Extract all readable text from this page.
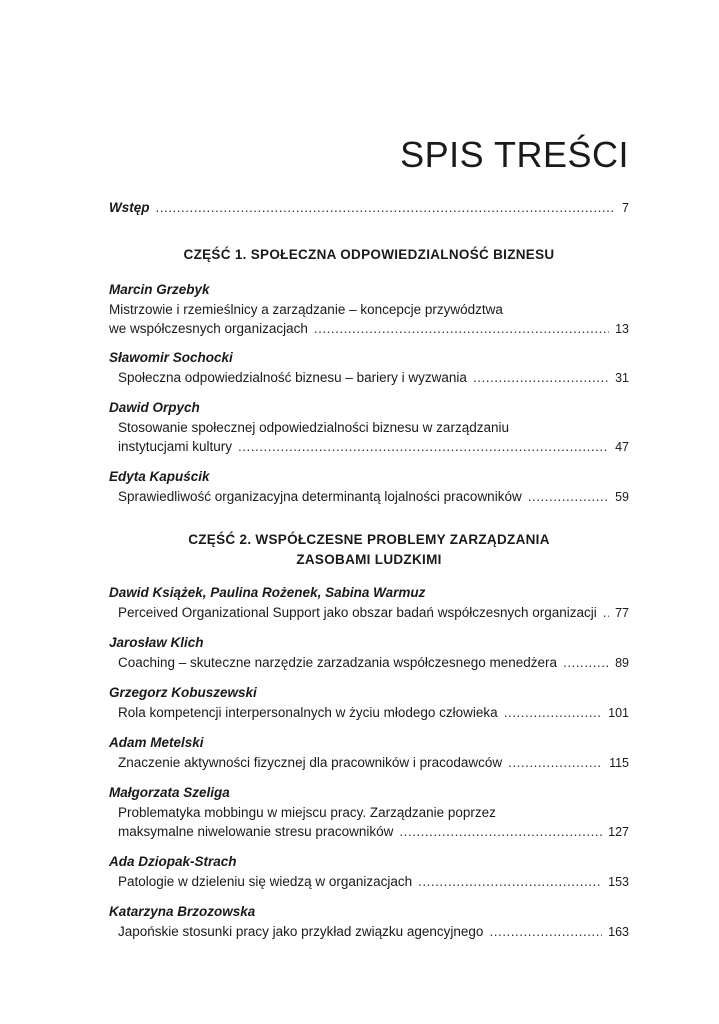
SPIS TREŚCI
Wstęp .....	7
CZĘŚĆ 1. SPOŁECZNA ODPOWIEDZIALNOŚĆ BIZNESU
CZĘŚĆ 2. WSPÓŁCZESNE PROBLEMY ZARZĄDZANIA
ZASOBAMI LUDZKIMI
Marcin Grzebyk
Mistrzowie i rzemieślnicy a zarządzanie – koncepcje przywództwa
we współczesnych organizacjach .....	13
Sławomir Sochocki
Społeczna odpowiedzialność biznesu – bariery i wyzwania .....	31
Dawid Orpych
Stosowanie społecznej odpowiedzialności biznesu w zarządzaniu
instytucjami kultury .....	47
Edyta Kapuścik
Sprawiedliwość organizacyjna determinantą lojalności pracowników .....	59
Dawid Książek, Paulina Rożenek, Sabina Warmuz
Perceived Organizational Support jako obszar badań współczesnych organizacji ..... 77
Jarosław Klich
Coaching – skuteczne narzędzie zarzadzania współczesnego menedżera .....	89
Grzegorz Kobuszewski
Rola kompetencji interpersonalnych w życiu młodego człowieka .....	101
Adam Metelski
Znaczenie aktywności fizycznej dla pracowników i pracodawców .....	115
Małgorzata Szeliga
Problematyka mobbingu w miejscu pracy. Zarządzanie poprzez
maksymalne niwelowanie stresu pracowników .....	127
Ada Dziopak-Strach
Patologie w dzieleniu się wiedzą w organizacjach .....	153
Katarzyna Brzozowska
Japońskie stosunki pracy jako przykład związku agencyjnego .....	163
